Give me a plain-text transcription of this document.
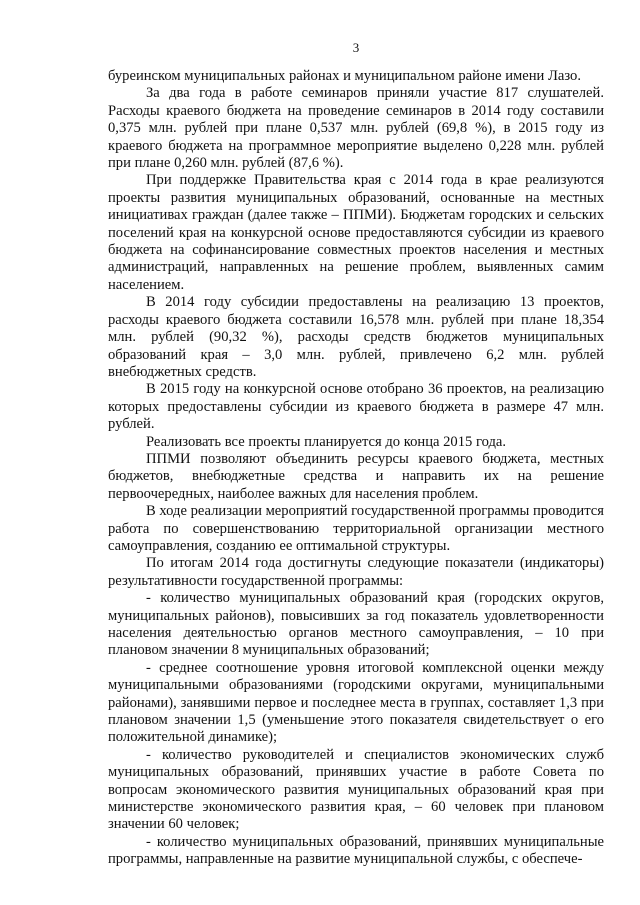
3

буреинском муниципальных районах и муниципальном районе имени Лазо.

За два года в работе семинаров приняли участие 817 слушателей. Расходы краевого бюджета на проведение семинаров в 2014 году составили 0,375 млн. рублей при плане 0,537 млн. рублей (69,8 %), в 2015 году из краевого бюджета на программное мероприятие выделено 0,228 млн. рублей при плане 0,260 млн. рублей (87,6 %).

При поддержке Правительства края с 2014 года в крае реализуются проекты развития муниципальных образований, основанные на местных инициативах граждан (далее также – ППМИ). Бюджетам городских и сельских поселений края на конкурсной основе предоставляются субсидии из краевого бюджета на софинансирование совместных проектов населения и местных администраций, направленных на решение проблем, выявленных самим населением.

В 2014 году субсидии предоставлены на реализацию 13 проектов, расходы краевого бюджета составили 16,578 млн. рублей при плане 18,354 млн. рублей (90,32 %), расходы средств бюджетов муниципальных образований края – 3,0 млн. рублей, привлечено 6,2 млн. рублей внебюджетных средств.

В 2015 году на конкурсной основе отобрано 36 проектов, на реализацию которых предоставлены субсидии из краевого бюджета в размере 47 млн. рублей.

Реализовать все проекты планируется до конца 2015 года.

ППМИ позволяют объединить ресурсы краевого бюджета, местных бюджетов, внебюджетные средства и направить их на решение первоочередных, наиболее важных для населения проблем.

В ходе реализации мероприятий государственной программы проводится работа по совершенствованию территориальной организации местного самоуправления, созданию ее оптимальной структуры.

По итогам 2014 года достигнуты следующие показатели (индикаторы) результативности государственной программы:

- количество муниципальных образований края (городских округов, муниципальных районов), повысивших за год показатель удовлетворенности населения деятельностью органов местного самоуправления, – 10 при плановом значении 8 муниципальных образований;

- среднее соотношение уровня итоговой комплексной оценки между муниципальными образованиями (городскими округами, муниципальными районами), занявшими первое и последнее места в группах, составляет 1,3 при плановом значении 1,5 (уменьшение этого показателя свидетельствует о его положительной динамике);

- количество руководителей и специалистов экономических служб муниципальных образований, принявших участие в работе Совета по вопросам экономического развития муниципальных образований края при министерстве экономического развития края, – 60 человек при плановом значении 60 человек;

- количество муниципальных образований, принявших муниципальные программы, направленные на развитие муниципальной службы, с обеспече-
